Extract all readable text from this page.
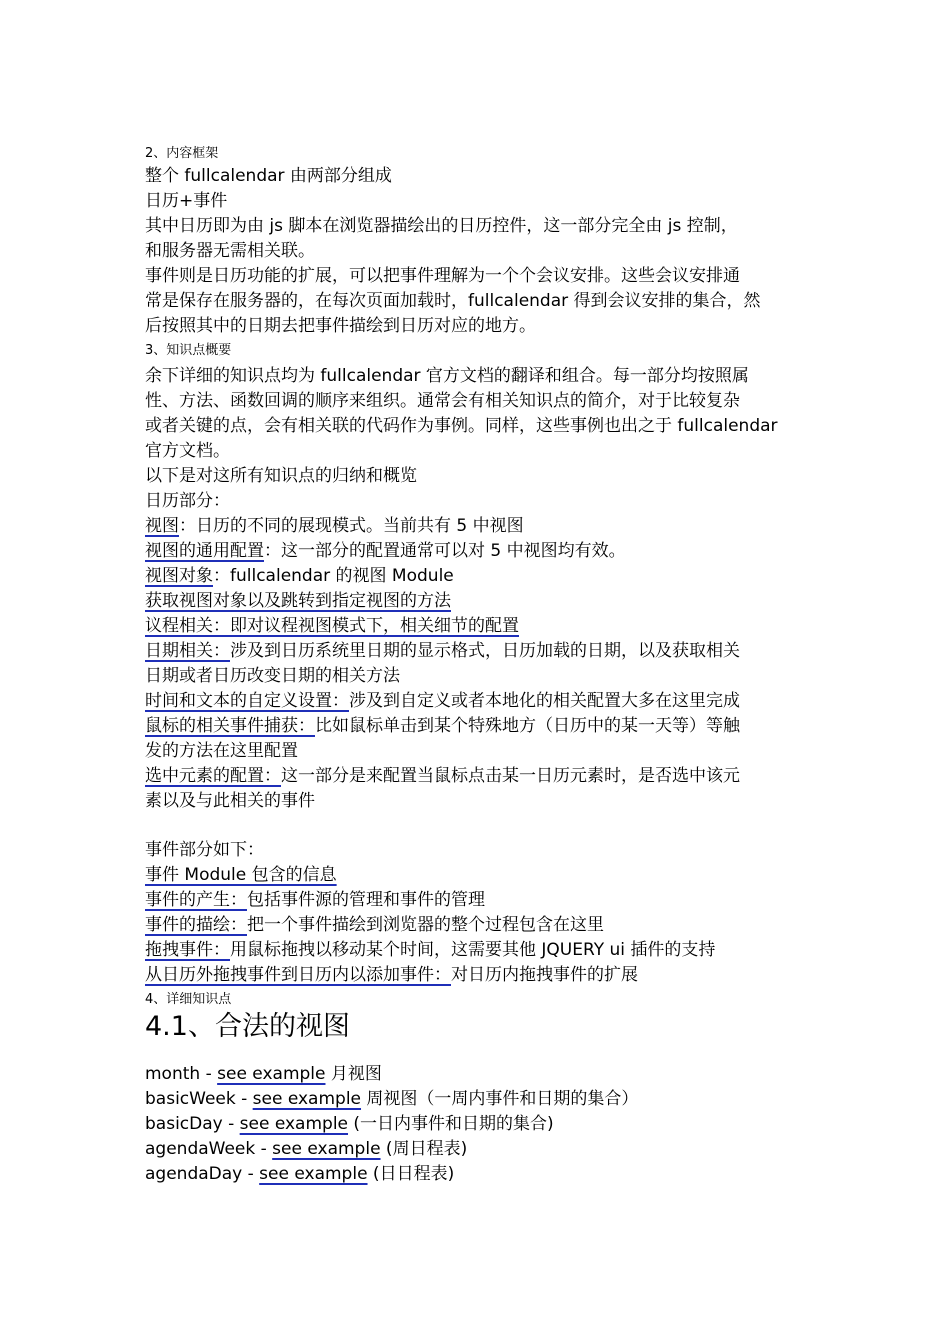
2、内容框架
整个 fullcalendar 由两部分组成
日历+事件
其中日历即为由 js 脚本在浏览器描绘出的日历控件，这一部分完全由 js 控制，
和服务器无需相关联。
事件则是日历功能的扩展，可以把事件理解为一个个会议安排。这些会议安排通
常是保存在服务器的，在每次页面加载时，fullcalendar 得到会议安排的集合，然
后按照其中的日期去把事件描绘到日历对应的地方。
3、知识点概要
余下详细的知识点均为 fullcalendar 官方文档的翻译和组合。每一部分均按照属
性、方法、函数回调的顺序来组织。通常会有相关知识点的简介，对于比较复杂
或者关键的点，会有相关联的代码作为事例。同样，这些事例也出之于 fullcalendar
官方文档。
以下是对这所有知识点的归纳和概览
日历部分：
视图：日历的不同的展现模式。当前共有 5 中视图
视图的通用配置：这一部分的配置通常可以对 5 中视图均有效。
视图对象：fullcalendar 的视图 Module
获取视图对象以及跳转到指定视图的方法
议程相关：即对议程视图模式下，相关细节的配置
日期相关：涉及到日历系统里日期的显示格式，日历加载的日期，以及获取相关
日期或者日历改变日期的相关方法
时间和文本的自定义设置：涉及到自定义或者本地化的相关配置大多在这里完成
鼠标的相关事件捕获：比如鼠标单击到某个特殊地方（日历中的某一天等）等触
发的方法在这里配置
选中元素的配置：这一部分是来配置当鼠标点击某一日历元素时，是否选中该元
素以及与此相关的事件
事件部分如下：
事件 Module 包含的信息
事件的产生：包括事件源的管理和事件的管理
事件的描绘：把一个事件描绘到浏览器的整个过程包含在这里
拖拽事件：用鼠标拖拽以移动某个时间，这需要其他 JQUERY ui 插件的支持
从日历外拖拽事件到日历内以添加事件：对日历内拖拽事件的扩展
4、详细知识点
4.1、合法的视图
month - see example 月视图
basicWeek - see example 周视图（一周内事件和日期的集合）
basicDay - see example (一日内事件和日期的集合)
agendaWeek - see example (周日程表)
agendaDay - see example (日日程表)
